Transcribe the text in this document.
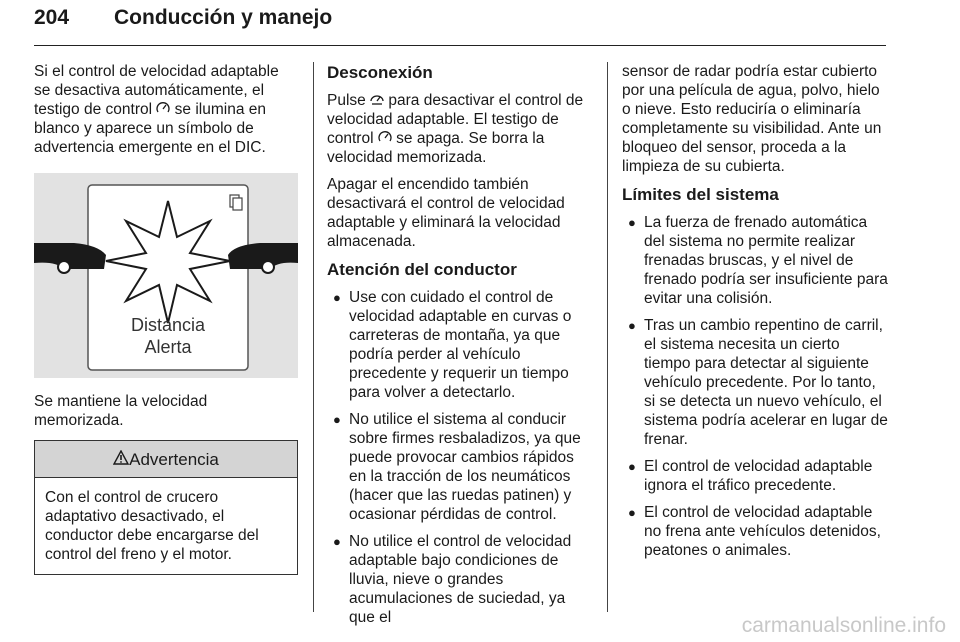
204 Conducción y manejo

Si el control de velocidad adaptable se desactiva automáticamente, el testigo de control  se ilumina en blanco y aparece un símbolo de advertencia emergente en el DIC.

Distancia
Alerta

Se mantiene la velocidad memorizada.

Advertencia
Con el control de crucero adaptativo desactivado, el conductor debe encargarse del control del freno y el motor.
Desconexión

Pulse  para desactivar el control de velocidad adaptable. El testigo de control  se apaga. Se borra la velocidad memorizada.

Apagar el encendido también desactivará el control de velocidad adaptable y eliminará la velocidad almacenada.

Atención del conductor
● Use con cuidado el control de velocidad adaptable en curvas o carreteras de montaña, ya que podría perder al vehículo precedente y requerir un tiempo para volver a detectarlo.
● No utilice el sistema al conducir sobre firmes resbaladizos, ya que puede provocar cambios rápidos en la tracción de los neumáticos (hacer que las ruedas patinen) y ocasionar pérdidas de control.
● No utilice el control de velocidad adaptable bajo condiciones de lluvia, nieve o grandes acumulaciones de suciedad, ya que el

sensor de radar podría estar cubierto por una película de agua, polvo, hielo o nieve. Esto reduciría o eliminaría completamente su visibilidad. Ante un bloqueo del sensor, proceda a la limpieza de su cubierta.

Límites del sistema
● La fuerza de frenado automática del sistema no permite realizar frenadas bruscas, y el nivel de frenado podría ser insuficiente para evitar una colisión.
● Tras un cambio repentino de carril, el sistema necesita un cierto tiempo para detectar al siguiente vehículo precedente. Por lo tanto, si se detecta un nuevo vehículo, el sistema podría acelerar en lugar de frenar.
● El control de velocidad adaptable ignora el tráfico precedente.
● El control de velocidad adaptable no frena ante vehículos detenidos, peatones o animales.
carmanualsonline.info
